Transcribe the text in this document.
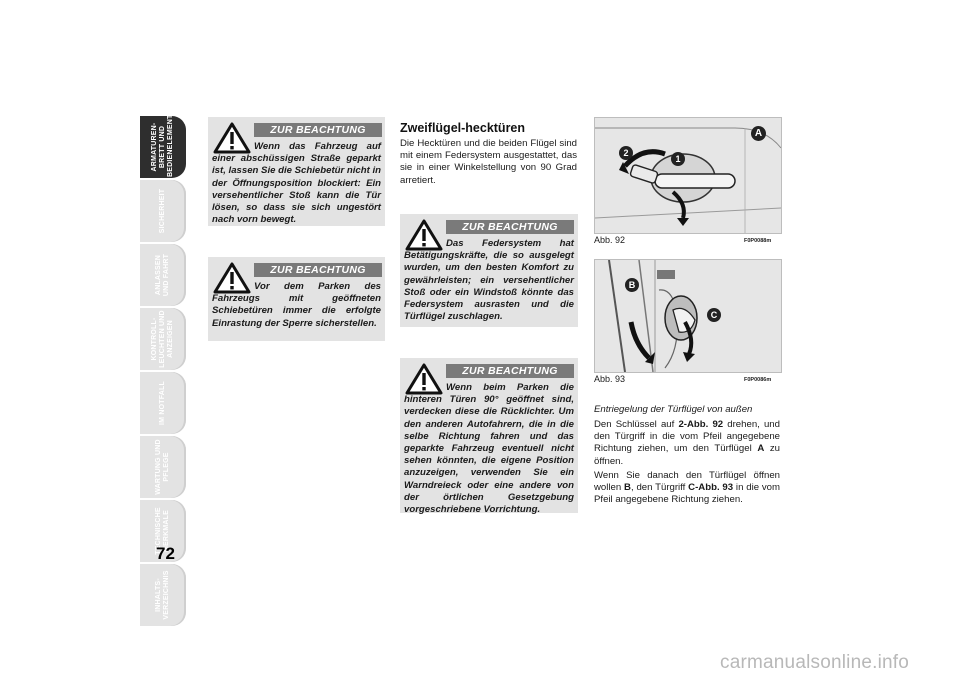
ARMATUREN-
BRETT UND
BEDIENELEMENTE
SICHERHEIT
ANLASSEN
UND FAHRT
KONTROLL-
LEUCHTEN UND
ANZEIGEN
IM NOTFALL
WARTUNG UND
PFLEGE
TECHNISCHE
MERKMALE
INHALTS-
VERZEICHNIS
72
ZUR BEACHTUNG
Wenn das Fahrzeug auf einer abschüssigen Straße geparkt ist, lassen Sie die Schiebetür nicht in der Öffnungsposition blockiert: Ein versehentlicher Stoß kann die Tür lösen, so dass sie sich ungestört nach vorn bewegt.
ZUR BEACHTUNG
Vor dem Parken des Fahrzeugs mit geöffneten Schiebetüren immer die erfolgte Einrastung der Sperre sicherstellen.
Zweiflügel-hecktüren
Die Hecktüren und die beiden Flügel sind mit einem Federsystem ausgestattet, das sie in einer Winkelstellung von 90 Grad arretiert.
ZUR BEACHTUNG
Das Federsystem hat Betätigungskräfte, die so ausgelegt wurden, um den besten Komfort zu gewährleisten; ein versehentlicher Stoß oder ein Windstoß könnte das Federsystem ausrasten und die Türflügel zuschlagen.
ZUR BEACHTUNG
Wenn beim Parken die hinteren Türen 90° geöffnet sind, verdecken diese die Rücklichter. Um den anderen Autofahrern, die in die selbe Richtung fahren und das geparkte Fahrzeug eventuell nicht sehen könnten, die eigene Position anzuzeigen, verwenden Sie ein Warndreieck oder eine andere von der örtlichen Gesetzgebung vorgeschriebene Vorrichtung.
A
1
2
Abb. 92	F0P0088m
B
C
Abb. 93	F0P0086m
Entriegelung der Türflügel von außen
Den Schlüssel auf 2-Abb. 92 drehen, und den Türgriff in die vom Pfeil angegebene Richtung ziehen, um den Türflügel A zu öffnen.
Wenn Sie danach den Türflügel öffnen wollen B, den Türgriff C-Abb. 93 in die vom Pfeil angegebene Richtung ziehen.
carmanualsonline.info
